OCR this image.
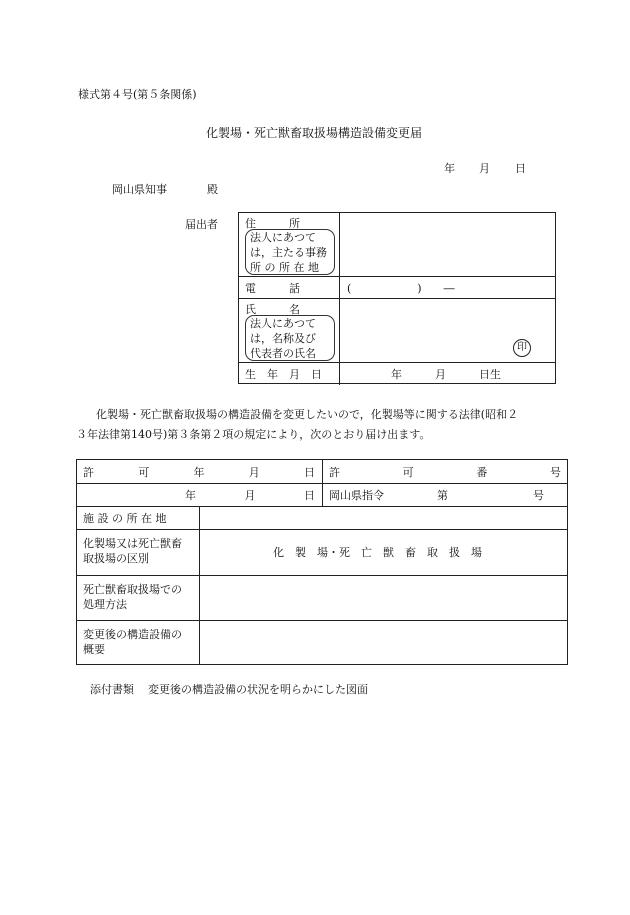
様式第４号(第５条関係)
化製場・死亡獣畜取扱場構造設備変更届
年 月 日
岡山県知事	殿
届出者 住　　　所
法人にあつて
は，主たる事務
所 の 所 在 地
電　　　話	(　　　　　　)　　―
氏　　　名
法人にあつて
は，名称及び
代表者の氏名	印
生　年　月　日	年　　　月　　　日生
化製場・死亡獣畜取扱場の構造設備を変更したいので，化製場等に関する法律(昭和２
３年法律第140号)第３条第２項の規定により，次のとおり届け出ます。
許	可	年	月	日 許	可	番	号
年	月	日 岡山県指令	第	号
施 設 の 所 在 地
化製場又は死亡獣畜
取扱場の区別	化　製　場・死　亡　獣　畜　取　扱　場
死亡獣畜取扱場での
処理方法
変更後の構造設備の
概要
添付書類 変更後の構造設備の状況を明らかにした図面
